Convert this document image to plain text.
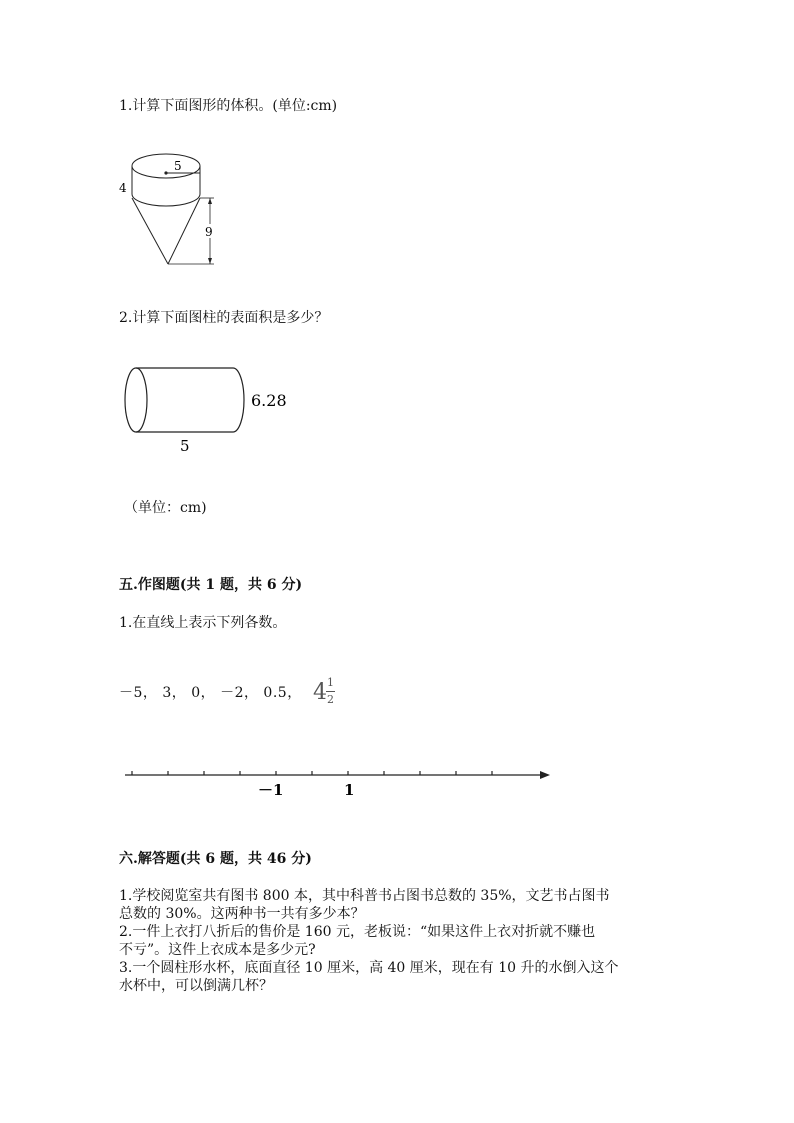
1.计算下面图形的体积。(单位:cm)
5
4
9
2.计算下面图柱的表面积是多少？
6.28
5
（单位：cm)
五.作图题(共 1 题，共 6 分)
1.在直线上表示下列各数。
－5， 3， 0， －2， 0.5， 4 1
2
－1	1
六.解答题(共 6 题，共 46 分)
1.学校阅览室共有图书 800 本，其中科普书占图书总数的 35%，文艺书占图书
总数的 30%。这两种书一共有多少本？
2.一件上衣打八折后的售价是 160 元，老板说：“如果这件上衣对折就不赚也
不亏”。这件上衣成本是多少元?
3.一个圆柱形水杯，底面直径 10 厘米，高 40 厘米，现在有 10 升的水倒入这个
水杯中，可以倒满几杯？
